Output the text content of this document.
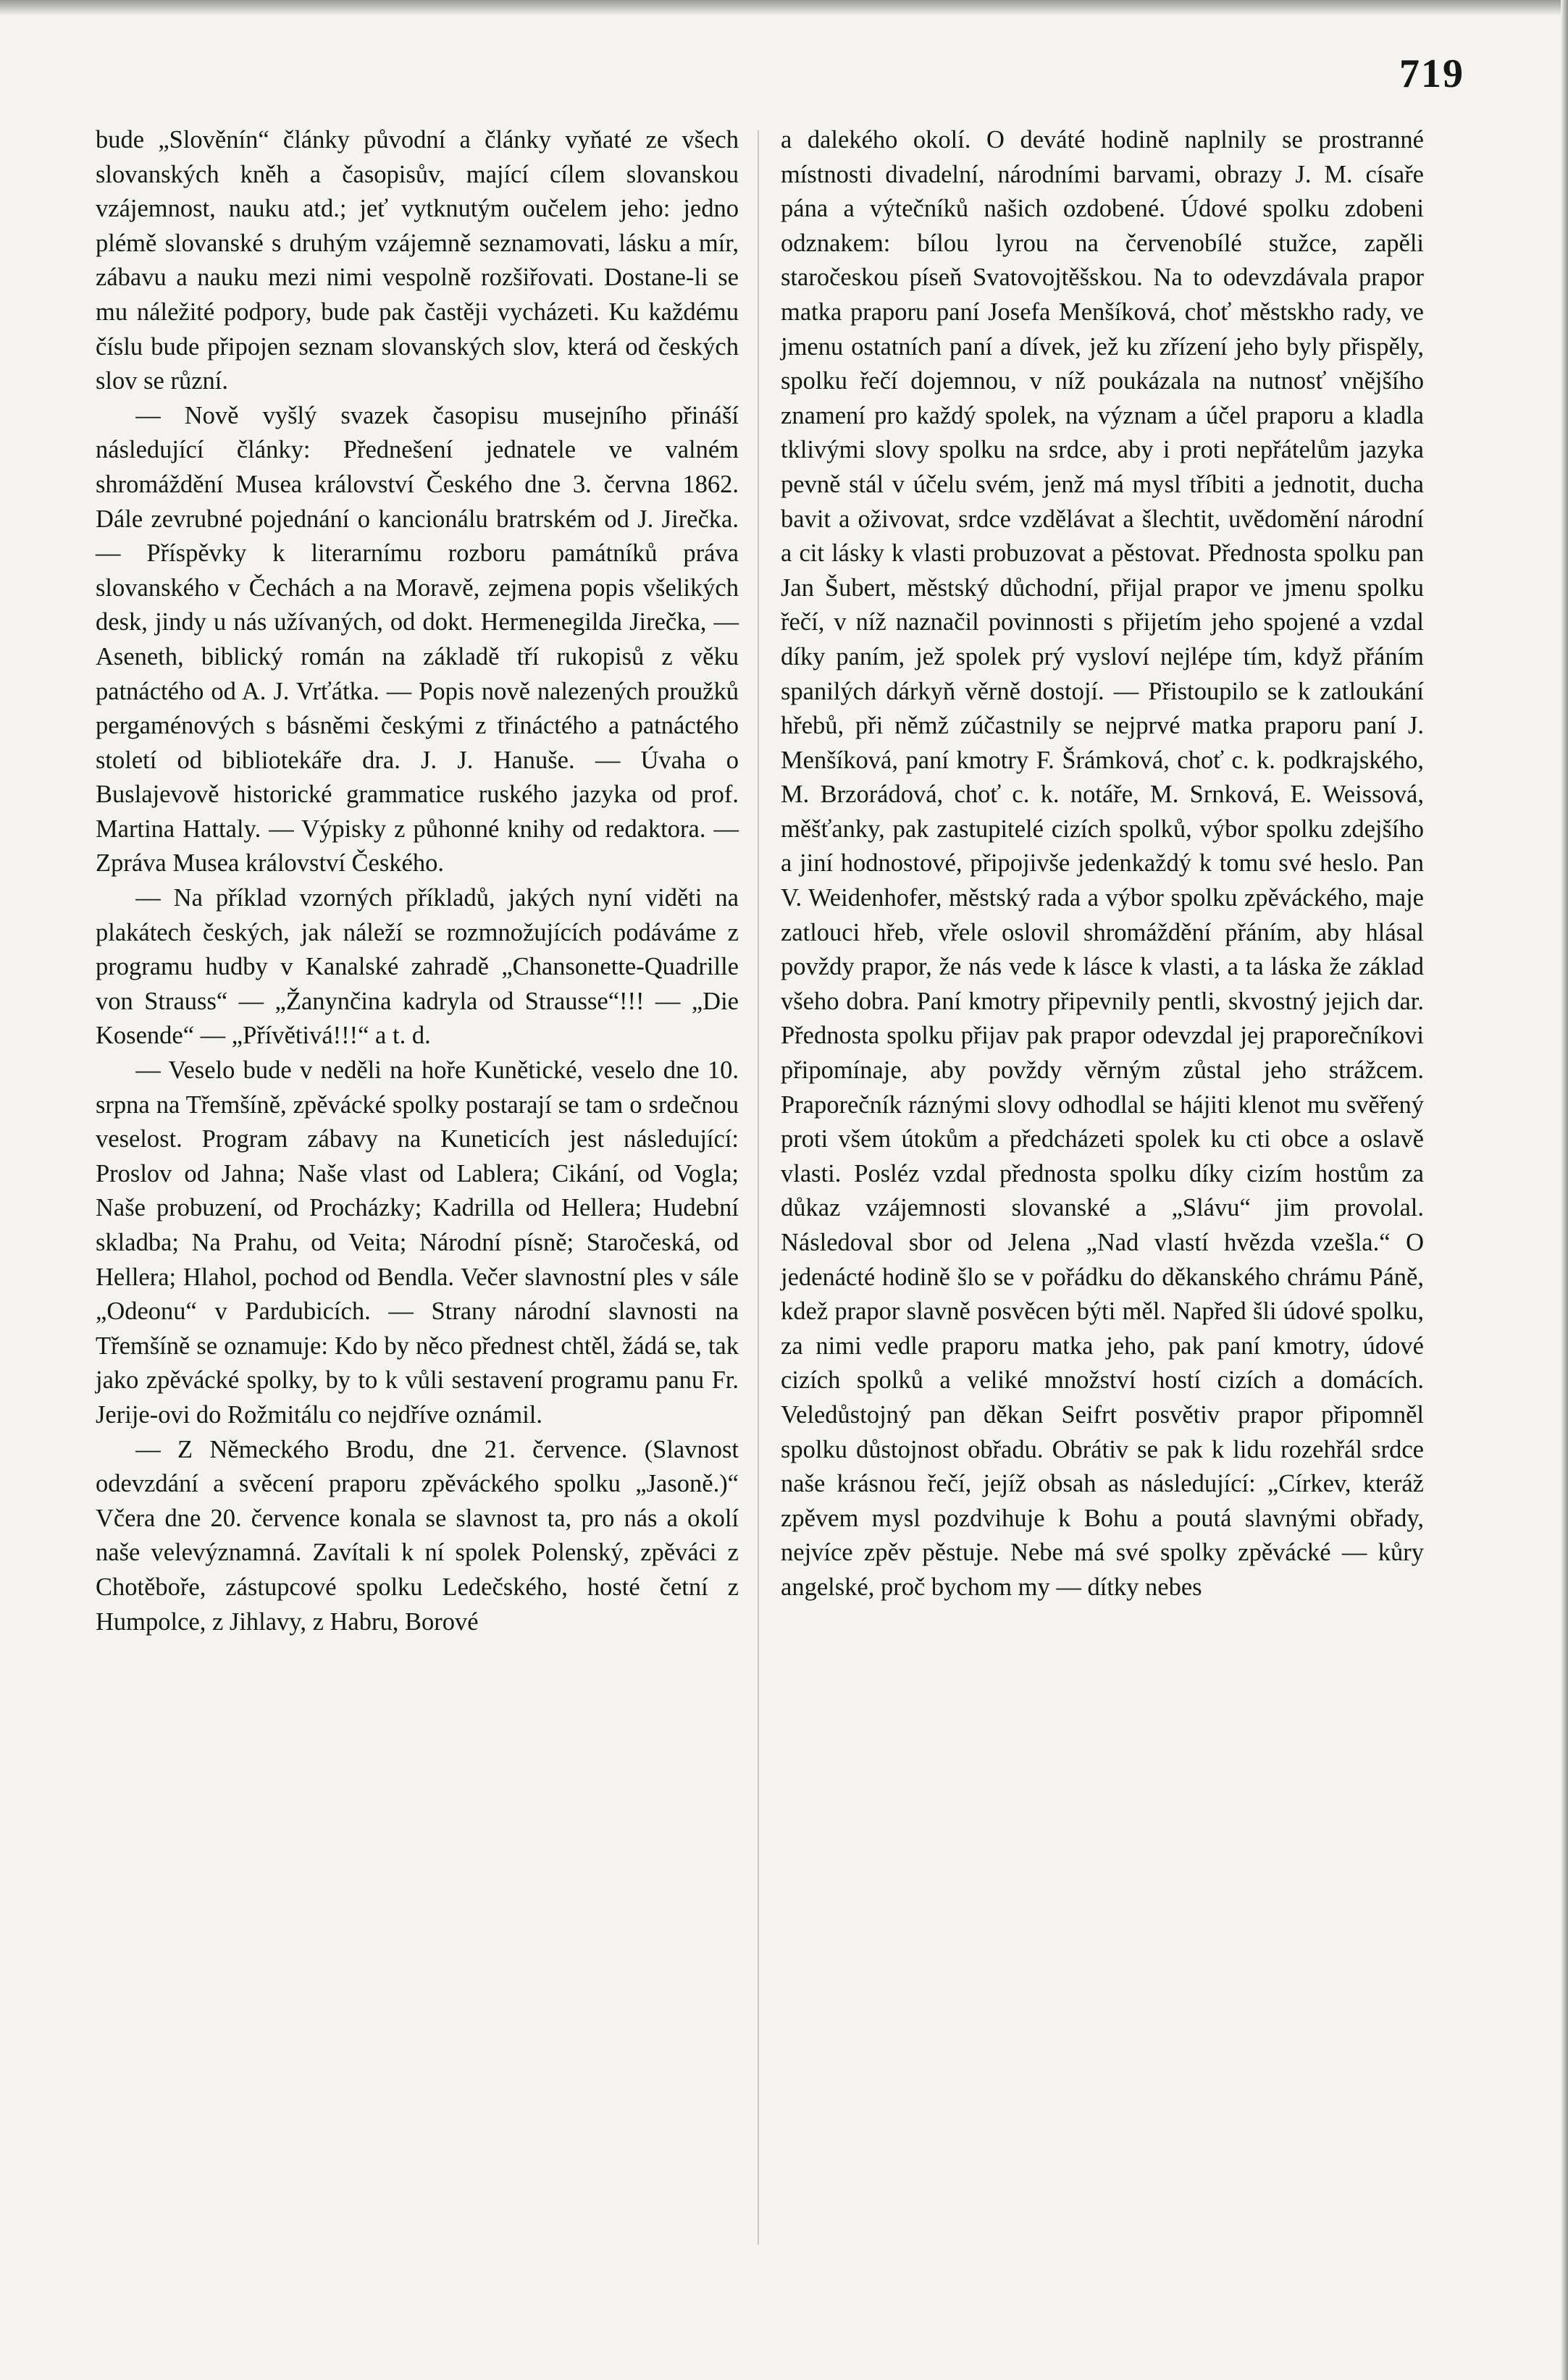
719

bude „Slověnín“ články původní a články vyňaté ze všech slovanských kněh a časopisův, mající cílem slovanskou vzájemnost, nauku atd.; jeť vytknutým oučelem jeho: jedno plémě slovanské s druhým vzájemně seznamovati, lásku a mír, zábavu a nauku mezi nimi vespolně rozšiřovati. Dostane-li se mu náležité podpory, bude pak častěji vycházeti. Ku každému číslu bude připojen seznam slovanských slov, která od českých slov se různí.

— Nově vyšlý svazek časopisu musejního přináší následující články: Přednešení jednatele ve valném shromáždění Musea království Českého dne 3. června 1862. Dále zevrubné pojednání o kancionálu bratrském od J. Jirečka. — Příspěvky k literarnímu rozboru památníků práva slovanského v Čechách a na Moravě, zejmena popis všelikých desk, jindy u nás užívaných, od dokt. Hermenegilda Jirečka, — Aseneth, biblický román na základě tří rukopisů z věku patnáctého od A. J. Vrťátka. — Popis nově nalezených proužků pergaménových s básněmi českými z třináctého a patnáctého století od bibliotekáře dra. J. J. Hanuše. — Úvaha o Buslajevově historické grammatice ruského jazyka od prof. Martina Hattaly. — Výpisky z půhonné knihy od redaktora. — Zpráva Musea království Českého.

— Na příklad vzorných příkladů, jakých nyní viděti na plakátech českých, jak náleží se rozmnožujících podáváme z programu hudby v Kanalské zahradě „Chansonette-Quadrille von Strauss“ — „Žanynčina kadryla od Strausse“!!! — „Die Kosende“ — „Přívětivá!!!“ a t. d.

— Veselo bude v neděli na hoře Kunětické, veselo dne 10. srpna na Třemšíně, zpěvácké spolky postarají se tam o srdečnou veselost. Program zábavy na Kuneticích jest následující: Proslov od Jahna; Naše vlast od Lablera; Cikání, od Vogla; Naše probuzení, od Procházky; Kadrilla od Hellera; Hudební skladba; Na Prahu, od Veita; Národní písně; Staročeská, od Hellera; Hlahol, pochod od Bendla. Večer slavnostní ples v sále „Odeonu“ v Pardubicích. — Strany národní slavnosti na Třemšíně se oznamuje: Kdo by něco přednest chtěl, žádá se, tak jako zpěvácké spolky, by to k vůli sestavení programu panu Fr. Jerije-ovi do Rožmitálu co nejdříve oznámil.

— Z Německého Brodu, dne 21. července. (Slavnost odevzdání a svěcení praporu zpěváckého spolku „Jasoně.)“ Včera dne 20. července konala se slavnost ta, pro nás a okolí naše velevýznamná. Zavítali k ní spolek Polenský, zpěváci z Chotěboře, zástupcové spolku Ledečského, hosté četní z Humpolce, z Jihlavy, z Habru, Borové

a dalekého okolí. O deváté hodině naplnily se prostranné místnosti divadelní, národními barvami, obrazy J. M. císaře pána a výtečníků našich ozdobené. Údové spolku zdobeni odznakem: bílou lyrou na červenobílé stužce, zapěli staročeskou píseň Svatovojtěšskou. Na to odevzdávala prapor matka praporu paní Josefa Menšíková, choť městskho rady, ve jmenu ostatních paní a dívek, jež ku zřízení jeho byly přispěly, spolku řečí dojemnou, v níž poukázala na nutnosť vnějšího znamení pro každý spolek, na význam a účel praporu a kladla tklivými slovy spolku na srdce, aby i proti nepřátelům jazyka pevně stál v účelu svém, jenž má mysl tříbiti a jednotit, ducha bavit a oživovat, srdce vzdělávat a šlechtit, uvědomění národní a cit lásky k vlasti probuzovat a pěstovat. Přednosta spolku pan Jan Šubert, městský důchodní, přijal prapor ve jmenu spolku řečí, v níž naznačil povinnosti s přijetím jeho spojené a vzdal díky paním, jež spolek prý vysloví nejlépe tím, když přáním spanilých dárkyň věrně dostojí. — Přistoupilo se k zatloukání hřebů, při němž zúčastnily se nejprvé matka praporu paní J. Menšíková, paní kmotry F. Šrámková, choť c. k. podkrajského, M. Brzorádová, choť c. k. notáře, M. Srnková, E. Weissová, měšťanky, pak zastupitelé cizích spolků, výbor spolku zdejšího a jiní hodnostové, připojivše jedenkaždý k tomu své heslo. Pan V. Weidenhofer, městský rada a výbor spolku zpěváckého, maje zatlouci hřeb, vřele oslovil shromáždění přáním, aby hlásal povždy prapor, že nás vede k lásce k vlasti, a ta láska že základ všeho dobra. Paní kmotry připevnily pentli, skvostný jejich dar. Přednosta spolku přijav pak prapor odevzdal jej praporečníkovi připomínaje, aby povždy věrným zůstal jeho strážcem. Praporečník ráznými slovy odhodlal se hájiti klenot mu svěřený proti všem útokům a předcházeti spolek ku cti obce a oslavě vlasti. Posléz vzdal přednosta spolku díky cizím hostům za důkaz vzájemnosti slovanské a „Slávu“ jim provolal. Následoval sbor od Jelena „Nad vlastí hvězda vzešla.“ O jedenácté hodině šlo se v pořádku do děkanského chrámu Páně, kdež prapor slavně posvěcen býti měl. Napřed šli údové spolku, za nimi vedle praporu matka jeho, pak paní kmotry, údové cizích spolků a veliké množství hostí cizích a domácích. Veledůstojný pan děkan Seifrt posvětiv prapor připomněl spolku důstojnost obřadu. Obrátiv se pak k lidu rozehřál srdce naše krásnou řečí, jejíž obsah as následující: „Církev, kteráž zpěvem mysl pozdvihuje k Bohu a poutá slavnými obřady, nejvíce zpěv pěstuje. Nebe má své spolky zpěvácké — kůry angelské, proč bychom my — dítky nebes
